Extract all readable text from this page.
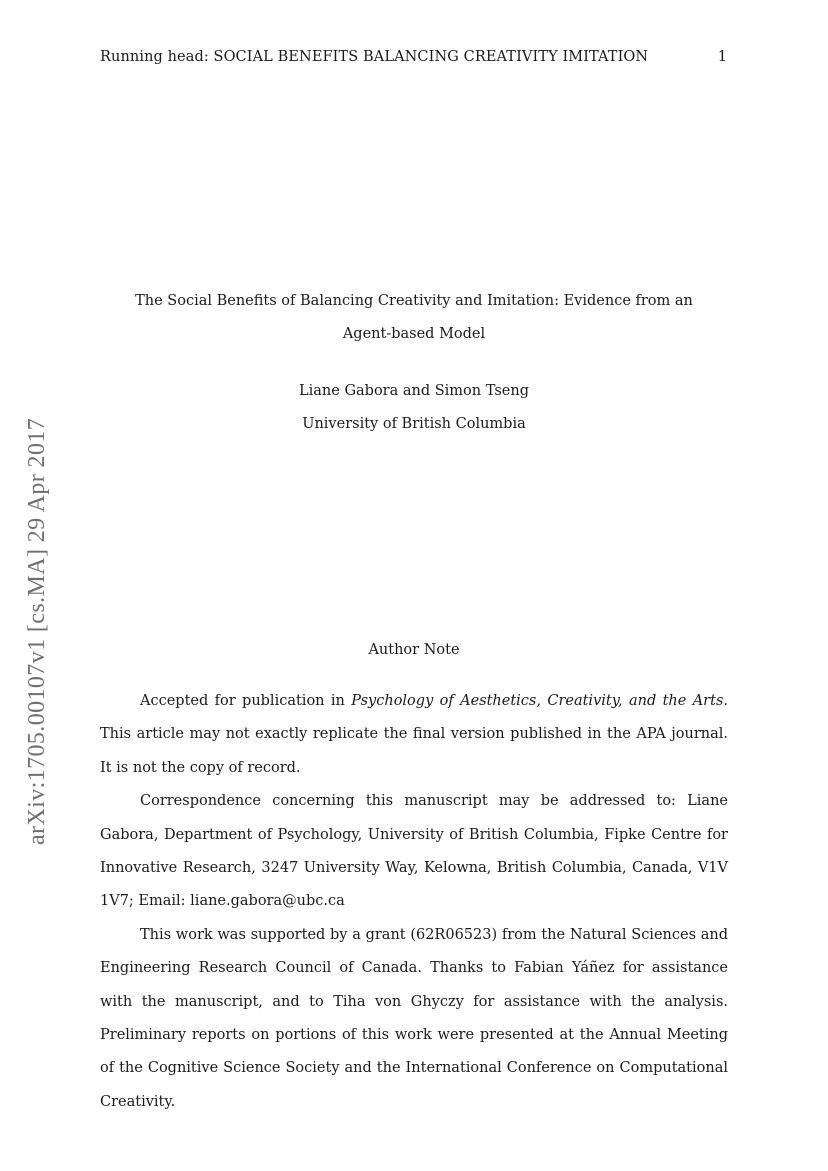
Running head: SOCIAL BENEFITS BALANCING CREATIVITY IMITATION	1
arXiv:1705.00107v1 [cs.MA] 29 Apr 2017
The Social Benefits of Balancing Creativity and Imitation: Evidence from an
Agent-based Model
Liane Gabora and Simon Tseng
University of British Columbia
Author Note

Accepted for publication in Psychology of Aesthetics, Creativity, and the Arts. This article may not exactly replicate the final version published in the APA journal. It is not the copy of record.

Correspondence concerning this manuscript may be addressed to: Liane Gabora, Department of Psychology, University of British Columbia, Fipke Centre for Innovative Research, 3247 University Way, Kelowna, British Columbia, Canada, V1V 1V7; Email: liane.gabora@ubc.ca

This work was supported by a grant (62R06523) from the Natural Sciences and Engineering Research Council of Canada. Thanks to Fabian Yáñez for assistance with the manuscript, and to Tiha von Ghyczy for assistance with the analysis. Preliminary reports on portions of this work were presented at the Annual Meeting of the Cognitive Science Society and the International Conference on Computational Creativity.
